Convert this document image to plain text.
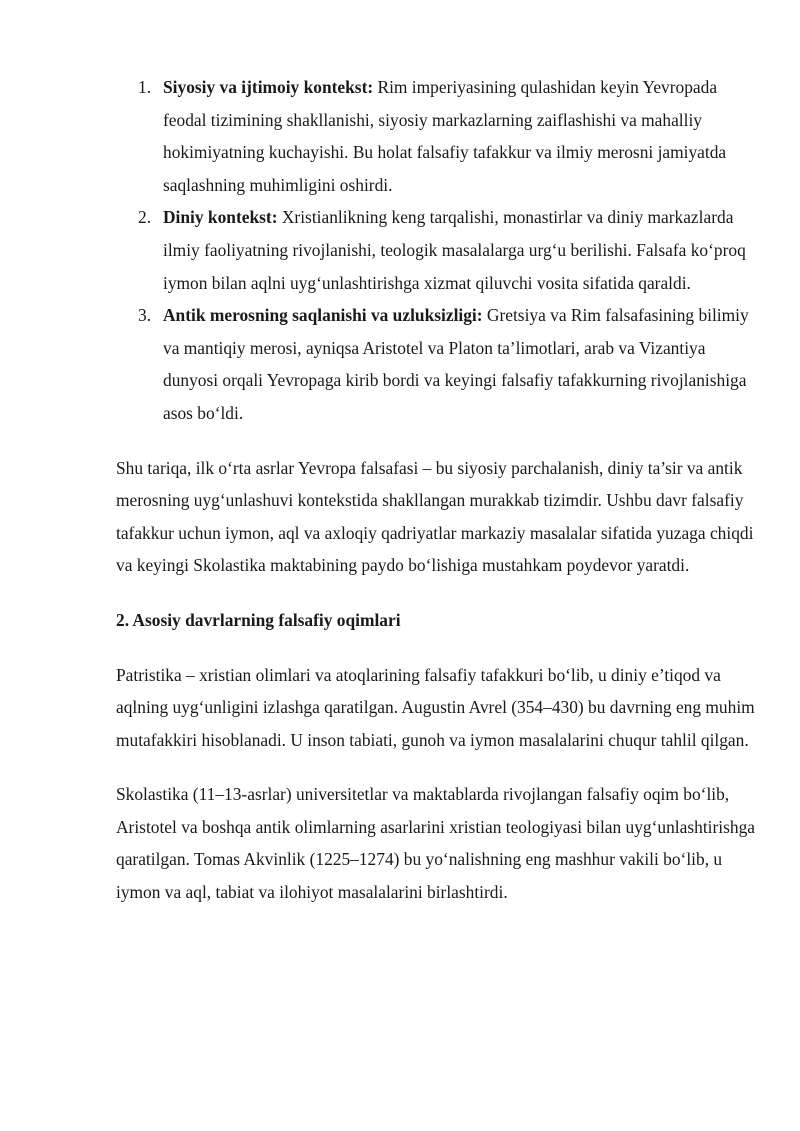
1. Siyosiy va ijtimoiy kontekst: Rim imperiyasining qulashidan keyin Yevropada feodal tizimining shakllanishi, siyosiy markazlarning zaiflashishi va mahalliy hokimiyatning kuchayishi. Bu holat falsafiy tafakkur va ilmiy merosni jamiyatda saqlashning muhimligini oshirdi.
2. Diniy kontekst: Xristianlikning keng tarqalishi, monastirlar va diniy markazlarda ilmiy faoliyatning rivojlanishi, teologik masalalarga urg‘u berilishi. Falsafa ko‘proq iymon bilan aqlni uyg‘unlashtirishga xizmat qiluvchi vosita sifatida qaraldi.
3. Antik merosning saqlanishi va uzluksizligi: Gretsiya va Rim falsafasining bilimiy va mantiqiy merosi, ayniqsa Aristotel va Platon ta’limotlari, arab va Vizantiya dunyosi orqali Yevropaga kirib bordi va keyingi falsafiy tafakkurning rivojlanishiga asos bo‘ldi.

Shu tariqa, ilk o‘rta asrlar Yevropa falsafasi – bu siyosiy parchalanish, diniy ta’sir va antik merosning uyg‘unlashuvi kontekstida shakllangan murakkab tizimdir. Ushbu davr falsafiy tafakkur uchun iymon, aql va axloqiy qadriyatlar markaziy masalalar sifatida yuzaga chiqdi va keyingi Skolastika maktabining paydo bo‘lishiga mustahkam poydevor yaratdi.

2. Asosiy davrlarning falsafiy oqimlari

Patristika – xristian olimlari va atoqlarining falsafiy tafakkuri bo‘lib, u diniy e’tiqod va aqlning uyg‘unligini izlashga qaratilgan. Augustin Avrel (354–430) bu davrning eng muhim mutafakkiri hisoblanadi. U inson tabiati, gunoh va iymon masalalarini chuqur tahlil qilgan.

Skolastika (11–13-asrlar) universitetlar va maktablarda rivojlangan falsafiy oqim bo‘lib, Aristotel va boshqa antik olimlarning asarlarini xristian teologiyasi bilan uyg‘unlashtirishga qaratilgan. Tomas Akvinlik (1225–1274) bu yo‘nalishning eng mashhur vakili bo‘lib, u iymon va aql, tabiat va ilohiyot masalalarini birlashtirdi.
